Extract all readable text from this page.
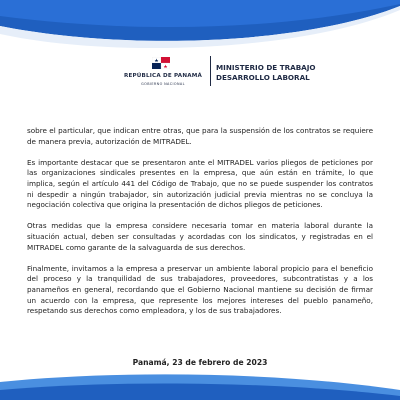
REPÚBLICA DE PANAMÁ
GOBIERNO NACIONAL
MINISTERIO DE TRABAJO
DESARROLLO LABORAL

sobre el particular, que indican entre otras, que para la suspensión de los contratos se requiere de manera previa, autorización de MITRADEL.

Es importante destacar que se presentaron ante el MITRADEL varios pliegos de peticiones por las organizaciones sindicales presentes en la empresa, que aún están en trámite, lo que implica, según el artículo 441 del Código de Trabajo, que no se puede suspender los contratos ni despedir a ningún trabajador, sin autorización judicial previa mientras no se concluya la negociación colectiva que origina la presentación de dichos pliegos de peticiones.

Otras medidas que la empresa considere necesaria tomar en materia laboral durante la situación actual, deben ser consultadas y acordadas con los sindicatos, y registradas en el MITRADEL como garante de la salvaguarda de sus derechos.

Finalmente, invitamos a la empresa a preservar un ambiente laboral propicio para el beneficio del proceso y la tranquilidad de sus trabajadores, proveedores, subcontratistas y a los panameños en general, recordando que el Gobierno Nacional mantiene su decisión de firmar un acuerdo con la empresa, que represente los mejores intereses del pueblo panameño, respetando sus derechos como empleadora, y los de sus trabajadores.

Panamá, 23 de febrero de 2023
